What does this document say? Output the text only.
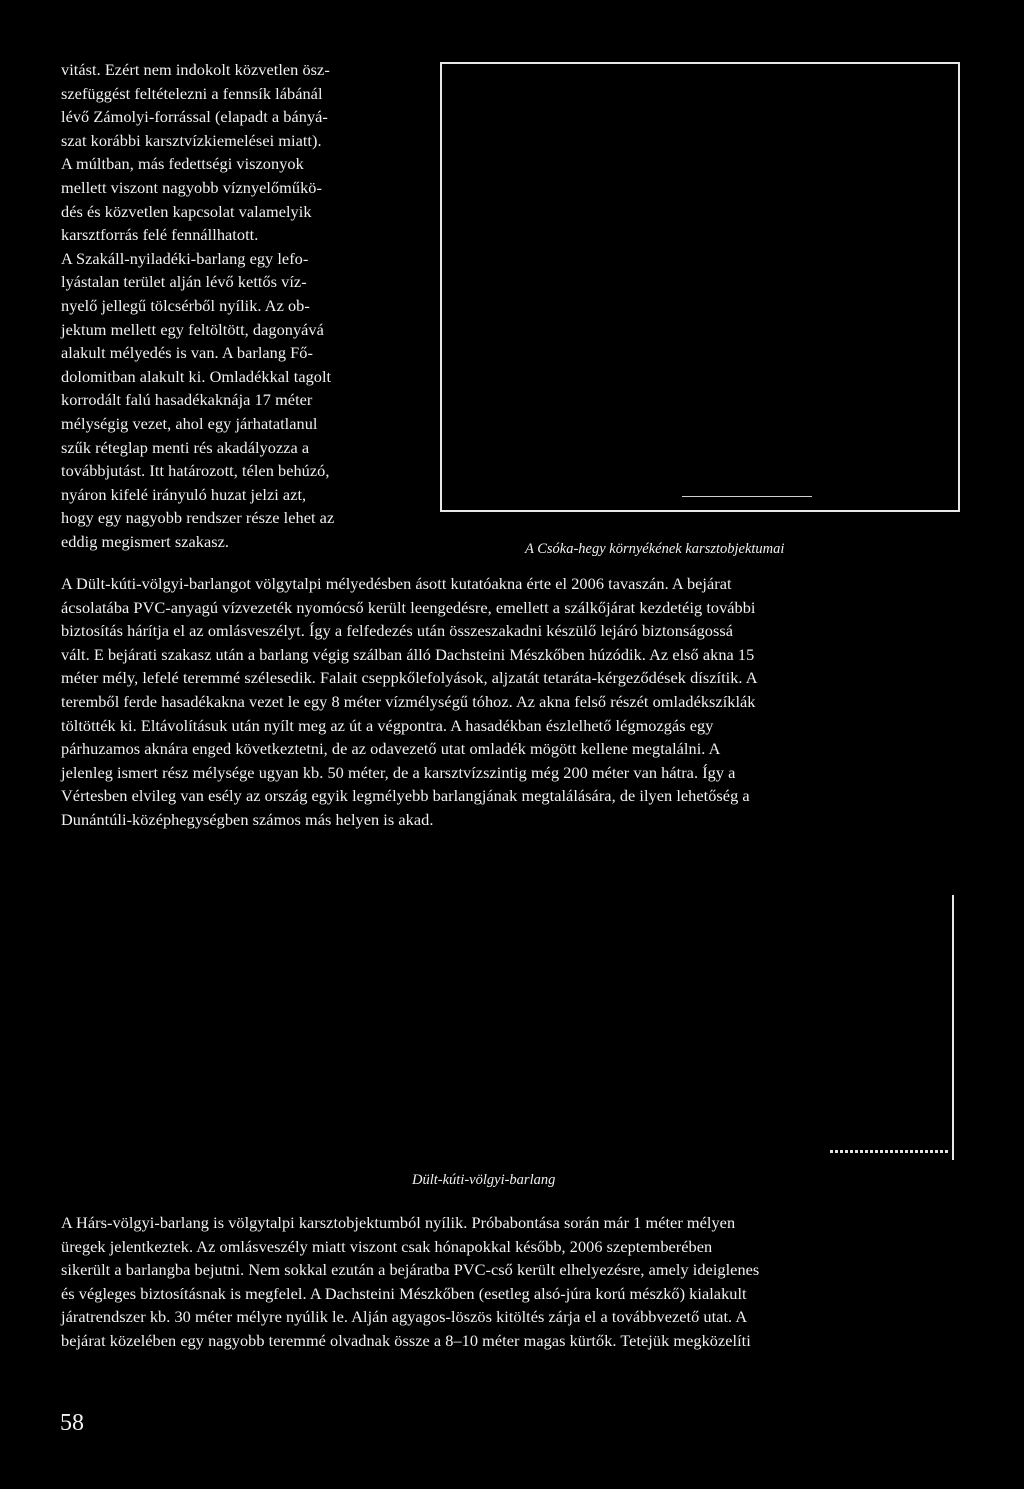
vitást. Ezért nem indokolt közvetlen ösz-
szefüggést feltételezni a fennsík lábánál
lévő Zámolyi-forrással (elapadt a bányá-
szat korábbi karsztvízkiemelései miatt).
A múltban, más fedettségi viszonyok
mellett viszont nagyobb víznyelőműkö-
dés és közvetlen kapcsolat valamelyik
karsztforrás felé fennállhatott.
A Szakáll-nyiladéki-barlang egy lefo-
lyástalan terület alján lévő kettős víz-
nyelő jellegű tölcsérből nyílik. Az ob-
jektum mellett egy feltöltött, dagonyává
alakult mélyedés is van. A barlang Fő-
dolomitban alakult ki. Omladékkal tagolt
korrodált falú hasadékaknája 17 méter
mélységig vezet, ahol egy járhatatlanul
szűk réteglap menti rés akadályozza a
továbbjutást. Itt határozott, télen behúzó,
nyáron kifelé irányuló huzat jelzi azt,
hogy egy nagyobb rendszer része lehet az
eddig megismert szakasz.	A Csóka-hegy környékének karsztobjektumai

A Dült-kúti-völgyi-barlangot völgytalpi mélyedésben ásott kutatóakna érte el 2006 tavaszán. A bejárat
ácsolatába PVC-anyagú vízvezeték nyomócső került leengedésre, emellett a szálkőjárat kezdetéig további
biztosítás hárítja el az omlásveszélyt. Így a felfedezés után összeszakadni készülő lejáró biztonságossá
vált. E bejárati szakasz után a barlang végig szálban álló Dachsteini Mészkőben húzódik. Az első akna 15
méter mély, lefelé teremmé szélesedik. Falait cseppkőlefolyások, aljzatát tetaráta-kérgeződések díszítik. A
teremből ferde hasadékakna vezet le egy 8 méter vízmélységű tóhoz. Az akna felső részét omladékszíklák
töltötték ki. Eltávolításuk után nyílt meg az út a végpontra. A hasadékban észlelhető légmozgás egy
párhuzamos aknára enged következtetni, de az odavezető utat omladék mögött kellene megtalálni. A
jelenleg ismert rész mélysége ugyan kb. 50 méter, de a karsztvízszintig még 200 méter van hátra. Így a
Vértesben elvileg van esély az ország egyik legmélyebb barlangjának megtalálására, de ilyen lehetőség a
Dunántúli-középhegységben számos más helyen is akad.

Dült-kúti-völgyi-barlang

A Hárs-völgyi-barlang is völgytalpi karsztobjektumból nyílik. Próbabontása során már 1 méter mélyen
üregek jelentkeztek. Az omlásveszély miatt viszont csak hónapokkal később, 2006 szeptemberében
sikerült a barlangba bejutni. Nem sokkal ezután a bejáratba PVC-cső került elhelyezésre, amely ideiglenes
és végleges biztosításnak is megfelel. A Dachsteini Mészkőben (esetleg alsó-júra korú mészkő) kialakult
járatrendszer kb. 30 méter mélyre nyúlik le. Alján agyagos-löszös kitöltés zárja el a továbbvezető utat. A
bejárat közelében egy nagyobb teremmé olvadnak össze a 8–10 méter magas kürtők. Tetejük megközelíti

58
